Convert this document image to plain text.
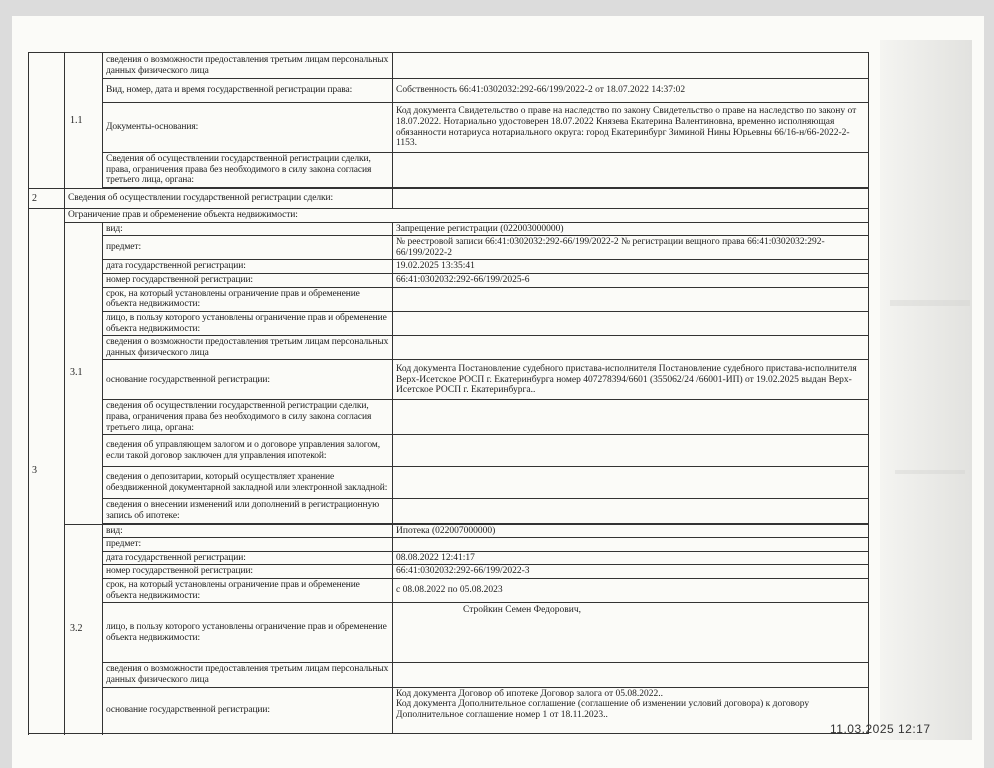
	1.1	сведения о возможности предоставления третьим лицам персональных данных физического лица	
		Вид, номер, дата и время государственной регистрации права:	Собственность 66:41:0302032:292-66/199/2022-2 от 18.07.2022 14:37:02
		Документы-основания:	Код документа Свидетельство о праве на наследство по закону Свидетельство о праве на наследство по закону от 18.07.2022. Нотариально удостоверен 18.07.2022 Князева Екатерина Валентиновна, временно исполняющая обязанности нотариуса нотариального округа: город Екатеринбург Зиминой Нины Юрьевны 66/16-н/66-2022-2-1153.
		Сведения об осуществлении государственной регистрации сделки, права, ограничения права без необходимого в силу закона согласия третьего лица, органа:	

2	Сведения об осуществлении государственной регистрации сделки:		
3	Ограничение прав и обременение объекта недвижимости:		
	3.1	вид:	Запрещение регистрации (022003000000)
		предмет:	№ реестровой записи 66:41:0302032:292-66/199/2022-2 № регистрации вещного права 66:41:0302032:292-66/199/2022-2
		дата государственной регистрации:	19.02.2025 13:35:41
		номер государственной регистрации:	66:41:0302032:292-66/199/2025-6
		срок, на который установлены ограничение прав и обременение объекта недвижимости:	
		лицо, в пользу которого установлены ограничение прав и обременение объекта недвижимости:	
		сведения о возможности предоставления третьим лицам персональных данных физического лица	
		основание государственной регистрации:	Код документа Постановление судебного пристава-исполнителя Постановление судебного пристава-исполнителя Верх-Исетское РОСП г. Екатеринбурга номер 407278394/6601 (355062/24 /66001-ИП) от 19.02.2025 выдан Верх-Исетское РОСП г. Екатеринбурга..
		сведения об осуществлении государственной регистрации сделки, права, ограничения права без необходимого в силу закона согласия третьего лица, органа:	
		сведения об управляющем залогом и о договоре управления залогом, если такой договор заключен для управления ипотекой:	
		сведения о депозитарии, который осуществляет хранение обездвиженной документарной закладной или электронной закладной:	
		сведения о внесении изменений или дополнений в регистрационную запись об ипотеке:	

	3.2	вид:	Ипотека (022007000000)
		предмет:	
		дата государственной регистрации:	08.08.2022 12:41:17
		номер государственной регистрации:	66:41:0302032:292-66/199/2022-3
		срок, на который установлены ограничение прав и обременение объекта недвижимости:	с 08.08.2022 по 05.08.2023
		лицо, в пользу которого установлены ограничение прав и обременение объекта недвижимости:	Стройкин Семен Федорович,
		сведения о возможности предоставления третьим лицам персональных данных физического лица	
		основание государственной регистрации:	Код документа Договор об ипотеке Договор залога от 05.08.2022..
Код документа Дополнительное соглашение (соглашение об изменении условий договора) к договору Дополнительное соглашение номер 1 от 18.11.2023..

11.03.2025 12:17
